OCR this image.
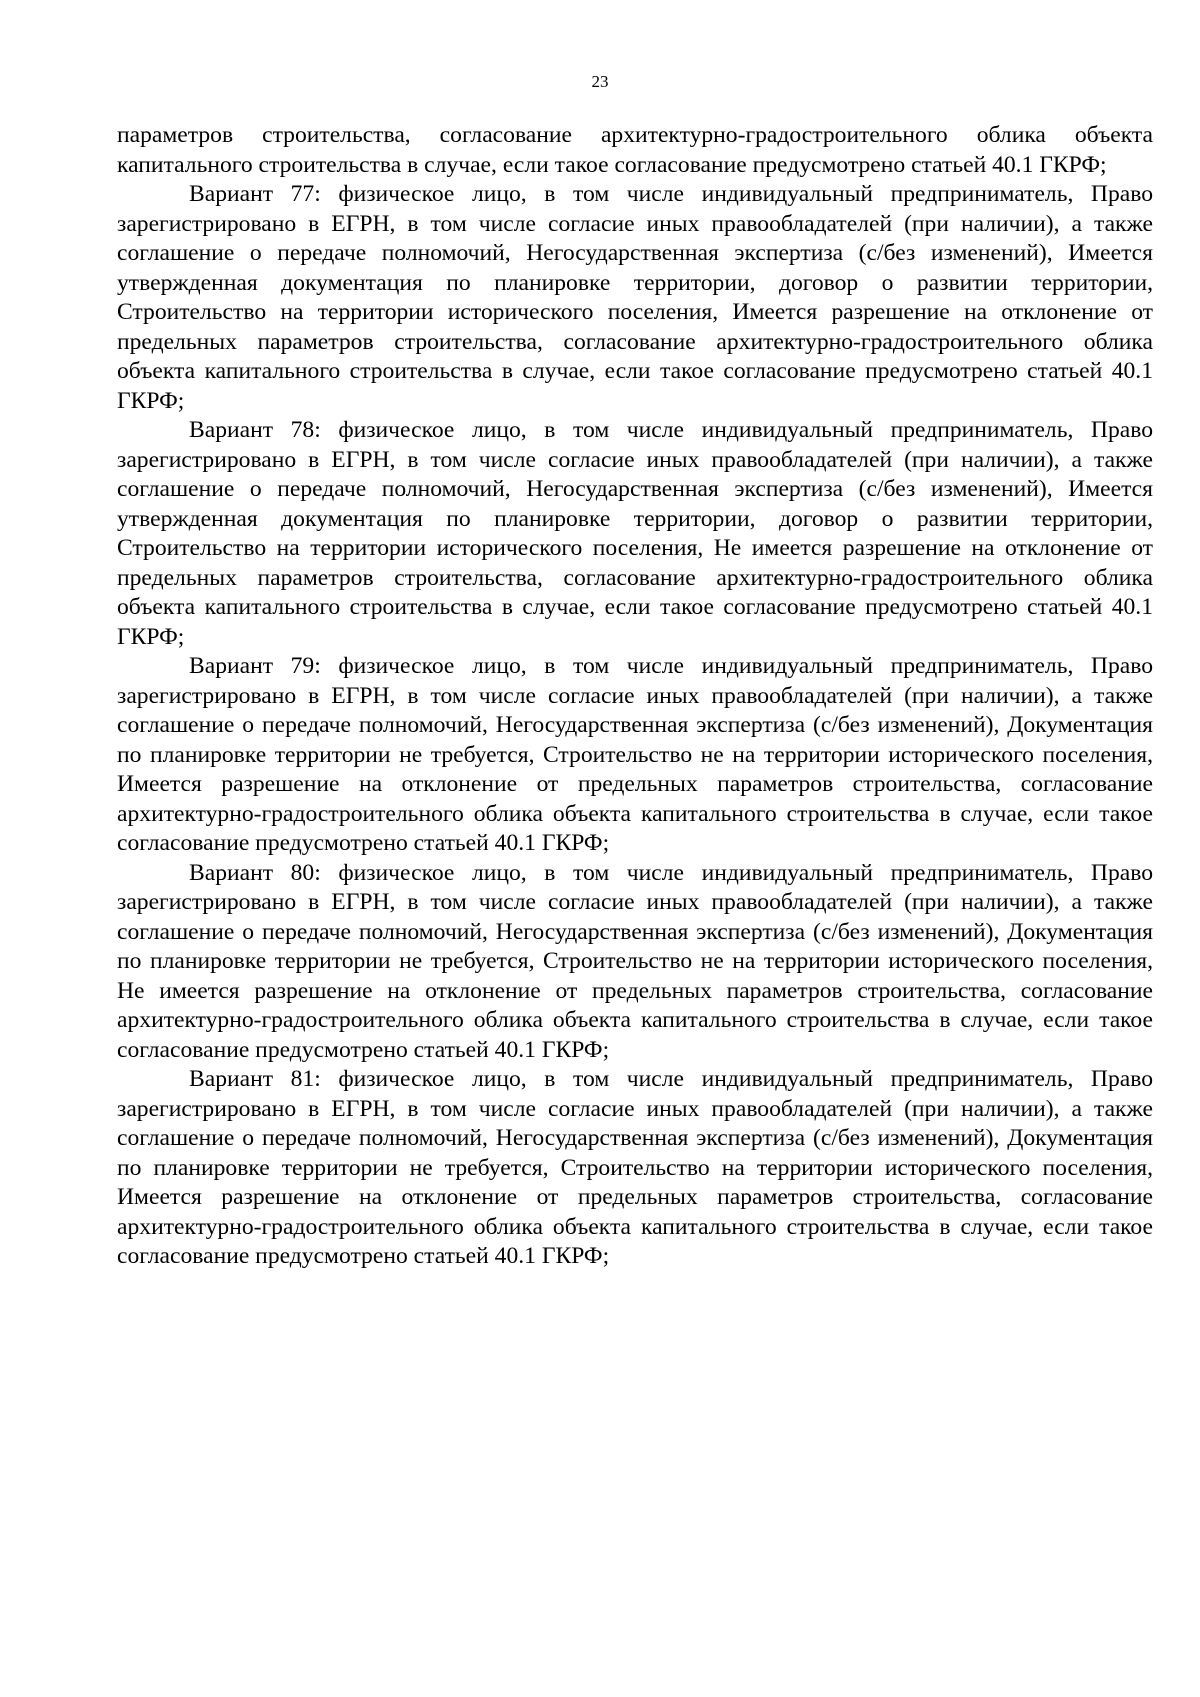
23

параметров строительства, согласование архитектурно-градостроительного облика объекта капитального строительства в случае, если такое согласование предусмотрено статьей 40.1 ГКРФ;

Вариант 77: физическое лицо, в том числе индивидуальный предприниматель, Право зарегистрировано в ЕГРН, в том числе согласие иных правообладателей (при наличии), а также соглашение о передаче полномочий, Негосударственная экспертиза (с/без изменений), Имеется утвержденная документация по планировке территории, договор о развитии территории, Строительство на территории исторического поселения, Имеется разрешение на отклонение от предельных параметров строительства, согласование архитектурно-градостроительного облика объекта капитального строительства в случае, если такое согласование предусмотрено статьей 40.1 ГКРФ;

Вариант 78: физическое лицо, в том числе индивидуальный предприниматель, Право зарегистрировано в ЕГРН, в том числе согласие иных правообладателей (при наличии), а также соглашение о передаче полномочий, Негосударственная экспертиза (с/без изменений), Имеется утвержденная документация по планировке территории, договор о развитии территории, Строительство на территории исторического поселения, Не имеется разрешение на отклонение от предельных параметров строительства, согласование архитектурно-градостроительного облика объекта капитального строительства в случае, если такое согласование предусмотрено статьей 40.1 ГКРФ;

Вариант 79: физическое лицо, в том числе индивидуальный предприниматель, Право зарегистрировано в ЕГРН, в том числе согласие иных правообладателей (при наличии), а также соглашение о передаче полномочий, Негосударственная экспертиза (с/без изменений), Документация по планировке территории не требуется, Строительство не на территории исторического поселения, Имеется разрешение на отклонение от предельных параметров строительства, согласование архитектурно-градостроительного облика объекта капитального строительства в случае, если такое согласование предусмотрено статьей 40.1 ГКРФ;

Вариант 80: физическое лицо, в том числе индивидуальный предприниматель, Право зарегистрировано в ЕГРН, в том числе согласие иных правообладателей (при наличии), а также соглашение о передаче полномочий, Негосударственная экспертиза (с/без изменений), Документация по планировке территории не требуется, Строительство не на территории исторического поселения, Не имеется разрешение на отклонение от предельных параметров строительства, согласование архитектурно-градостроительного облика объекта капитального строительства в случае, если такое согласование предусмотрено статьей 40.1 ГКРФ;

Вариант 81: физическое лицо, в том числе индивидуальный предприниматель, Право зарегистрировано в ЕГРН, в том числе согласие иных правообладателей (при наличии), а также соглашение о передаче полномочий, Негосударственная экспертиза (с/без изменений), Документация по планировке территории не требуется, Строительство на территории исторического поселения, Имеется разрешение на отклонение от предельных параметров строительства, согласование архитектурно-градостроительного облика объекта капитального строительства в случае, если такое согласование предусмотрено статьей 40.1 ГКРФ;
